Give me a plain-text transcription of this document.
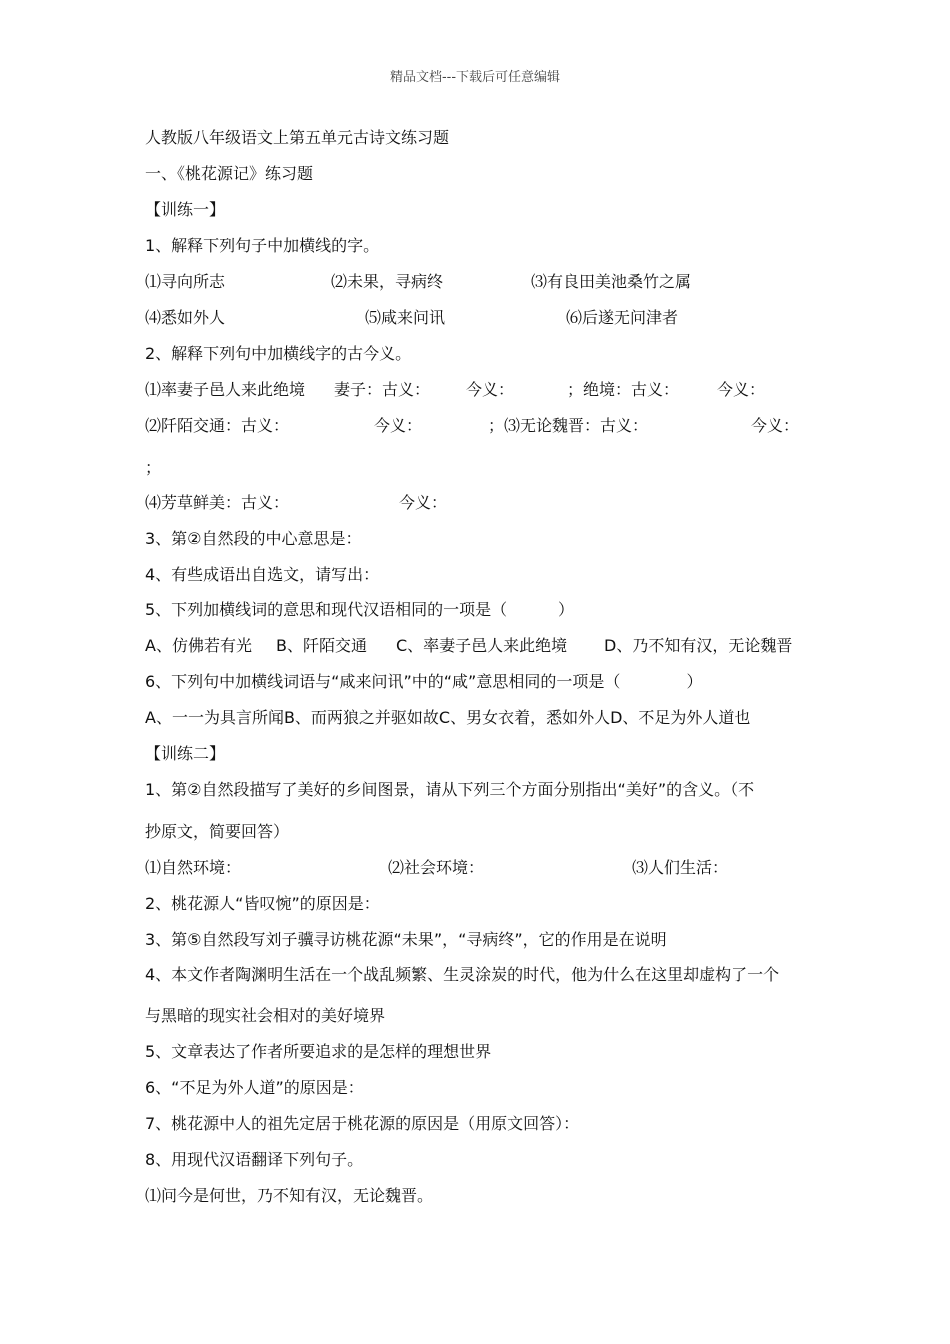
精品文档---下载后可任意编辑
人教版八年级语文上第五单元古诗文练习题
一、《桃花源记》练习题
【训练一】
1、解释下列句子中加横线的字。
⑴寻向所志	⑵未果，寻病终	⑶有良田美池桑竹之属
⑷悉如外人	⑸咸来问讯	⑹后遂无问津者
2、解释下列句中加横线字的古今义。
⑴率妻子邑人来此绝境 妻子：古义： 今义：	；绝境：古义： 今义：
⑵阡陌交通：古义：	今义：	；⑶无论魏晋：古义：	今义：
；
⑷芳草鲜美：古义：	今义：
3、第②自然段的中心意思是：
4、有些成语出自选文，请写出：
5、下列加横线词的意思和现代汉语相同的一项是（          ）
A、仿佛若有光 B、阡陌交通 C、率妻子邑人来此绝境 D、乃不知有汉，无论魏晋
6、下列句中加横线词语与“咸来问讯”中的“咸”意思相同的一项是（             ）
A、一一为具言所闻B、而两狼之并驱如故C、男女衣着，悉如外人D、不足为外人道也
【训练二】
1、第②自然段描写了美好的乡间图景，请从下列三个方面分别指出“美好”的含义。（不
抄原文，简要回答）
⑴自然环境：	⑵社会环境：	⑶人们生活：
2、桃花源人“皆叹惋”的原因是：
3、第⑤自然段写刘子骥寻访桃花源“未果”，“寻病终”，它的作用是在说明
4、本文作者陶渊明生活在一个战乱频繁、生灵涂炭的时代，他为什么在这里却虚构了一个
与黑暗的现实社会相对的美好境界
5、文章表达了作者所要追求的是怎样的理想世界
6、“不足为外人道”的原因是：
7、桃花源中人的祖先定居于桃花源的原因是（用原文回答）：
8、用现代汉语翻译下列句子。
⑴问今是何世，乃不知有汉，无论魏晋。
